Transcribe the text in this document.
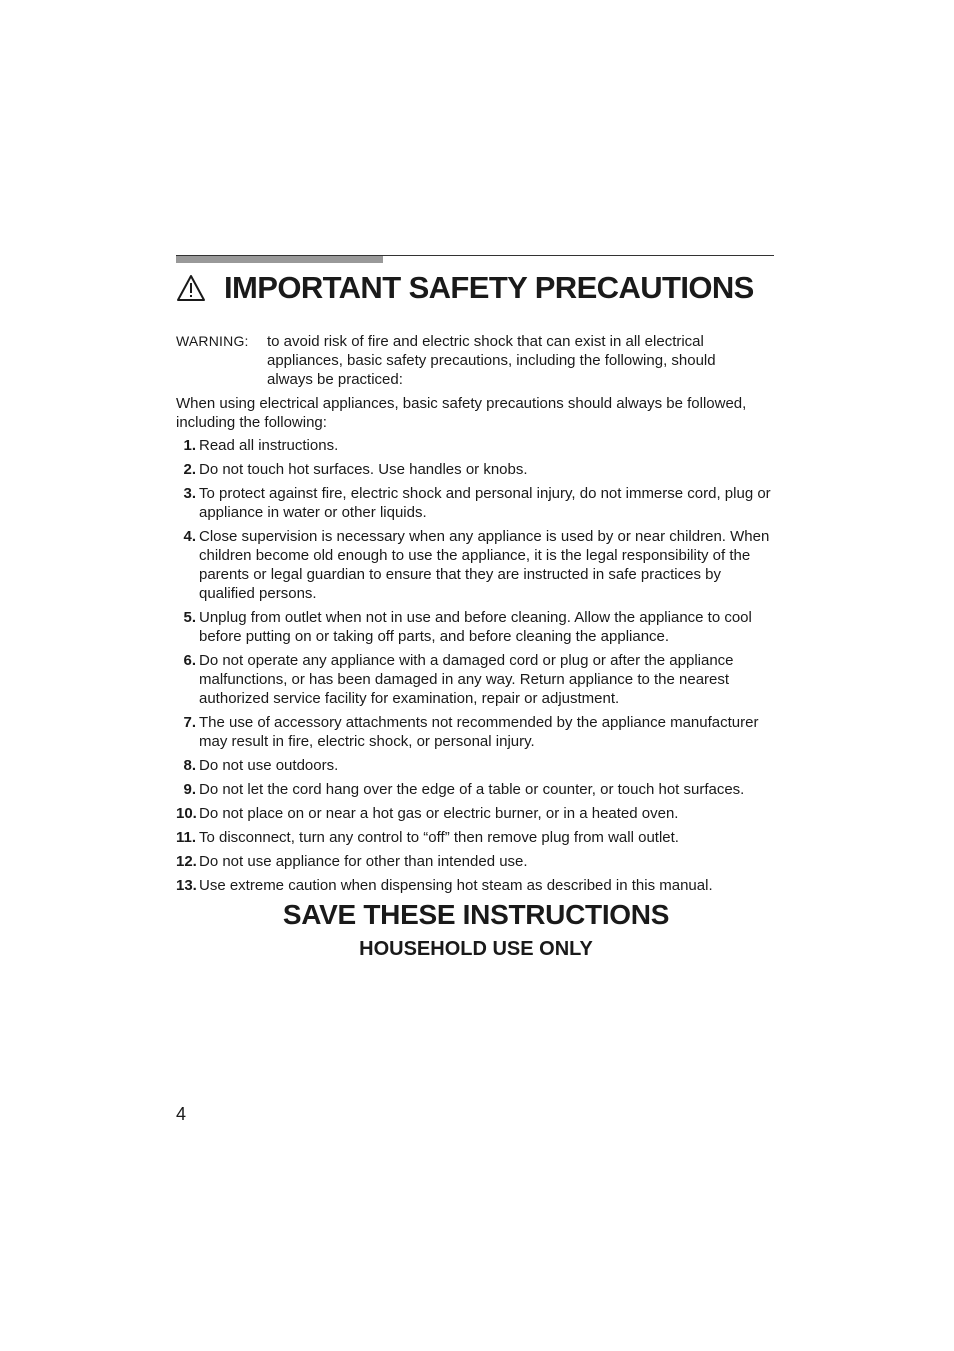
IMPORTANT SAFETY PRECAUTIONS
WARNING: to avoid risk of fire and electric shock that can exist in all electrical appliances, basic safety precautions, including the following, should always be practiced:
When using electrical appliances, basic safety precautions should always be followed, including the following:
1. Read all instructions.
2. Do not touch hot surfaces. Use handles or knobs.
3. To protect against fire, electric shock and personal injury, do not immerse cord, plug or appliance in water or other liquids.
4. Close supervision is necessary when any appliance is used by or near children. When children become old enough to use the appliance, it is the legal responsibility of the parents or legal guardian to ensure that they are instructed in safe practices by qualified persons.
5. Unplug from outlet when not in use and before cleaning. Allow the appliance to cool before putting on or taking off parts, and before cleaning the appliance.
6. Do not operate any appliance with a damaged cord or plug or after the appliance malfunctions, or has been damaged in any way. Return appliance to the nearest authorized service facility for examination, repair or adjustment.
7. The use of accessory attachments not recommended by the appliance manufacturer may result in fire, electric shock, or personal injury.
8. Do not use outdoors.
9. Do not let the cord hang over the edge of a table or counter, or touch hot surfaces.
10. Do not place on or near a hot gas or electric burner, or in a heated oven.
11. To disconnect, turn any control to “off” then remove plug from wall outlet.
12. Do not use appliance for other than intended use.
13. Use extreme caution when dispensing hot steam as described in this manual.
SAVE THESE INSTRUCTIONS
HOUSEHOLD USE ONLY
4
